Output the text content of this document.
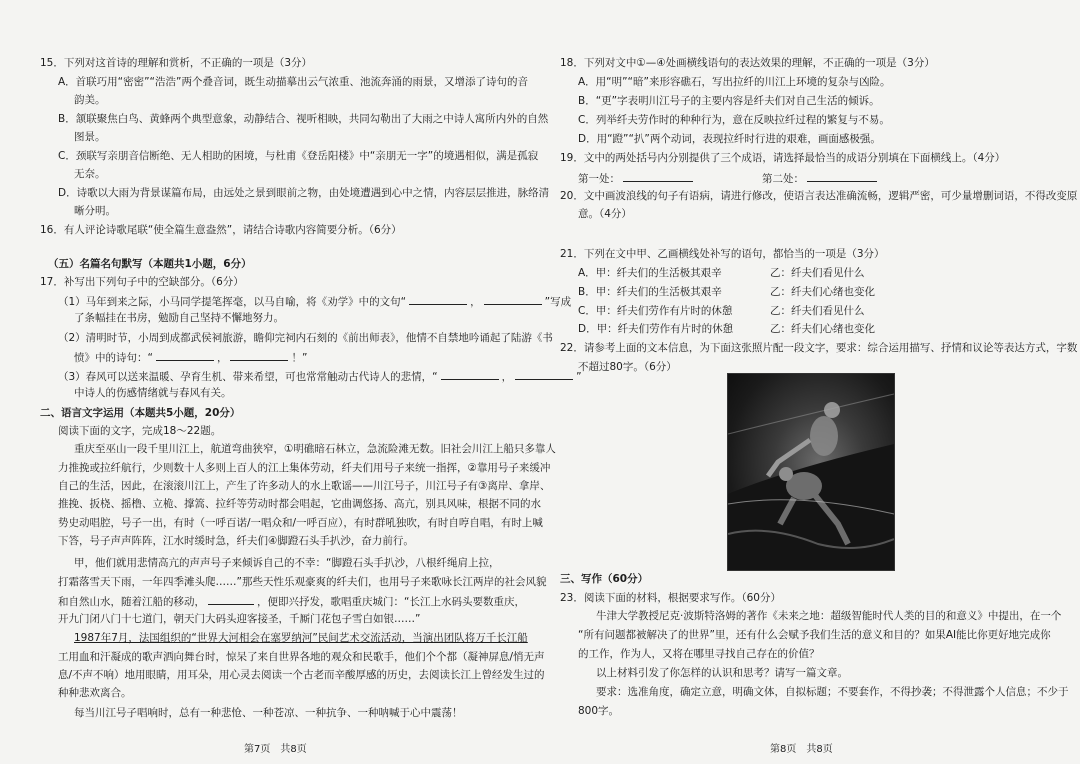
15．下列对这首诗的理解和赏析，不正确的一项是（3分）
A．首联巧用“密密”“浩浩”两个叠音词，既生动描摹出云气浓重、池流奔涌的雨景，又增添了诗句的音
韵美。
B．颔联聚焦白鸟、黄蜂两个典型意象，动静结合、视听相映，共同勾勒出了大雨之中诗人寓所内外的自然
图景。
C．颈联写亲朋音信断绝、无人相助的困境，与杜甫《登岳阳楼》中“亲朋无一字”的境遇相似，满是孤寂
无奈。
D．诗歌以大雨为背景谋篇布局，由远处之景到眼前之物，由处境遭遇到心中之情，内容层层推进，脉络清
晰分明。
16．有人评论诗歌尾联“使全篇生意盎然”，请结合诗歌内容简要分析。（6分）
（五）名篇名句默写（本题共1小题，6分）
17．补写出下列句子中的空缺部分。（6分）
（1）马年到来之际，小马同学提笔挥毫，以马自喻，将《劝学》中的文句“	，	”写成
了条幅挂在书房，勉励自己坚持不懈地努力。
（2）清明时节，小周到成都武侯祠旅游，瞻仰完祠内石刻的《前出师表》，他情不自禁地吟诵起了陆游《书
愤》中的诗句：“	，	！”
（3）春风可以送来温暖、孕育生机、带来希望，可也常常触动古代诗人的悲情，“	，	”
中诗人的伤感情绪就与春风有关。
二、语言文字运用（本题共5小题，20分）
阅读下面的文字，完成18～22题。
重庆至巫山一段千里川江上，航道弯曲狭窄，①明礁暗石林立，急流险滩无数。旧社会川江上船只多靠人
力推挽或拉纤航行，少则数十人多则上百人的江上集体劳动，纤夫们用号子来统一指挥，②靠用号子来缓冲
自己的生活，因此，在滚滚川江上，产生了许多动人的水上歌谣——川江号子，川江号子有③离岸、拿岸、
推挽、扳桡、摇橹、立桅、撑篙、拉纤等劳动时都会唱起，它曲调悠扬、高亢，别具风味，根据不同的水
势史动唱腔，号子一出，有时（一呼百诺/一唱众和/一呼百应），有时群吼独吹，有时自哼自唱，有时上喊
下答，号子声声阵阵，江水时缓时急，纤夫们④脚蹬石头手扒沙，奋力前行。
甲，他们就用悲情高亢的声声号子来倾诉自己的不幸：“脚蹬石头手扒沙，八根纤绳肩上拉，
打霜落雪天下雨，一年四季滩头爬……”那些天性乐观豪爽的纤夫们，也用号子来歌咏长江两岸的社会风貌
和自然山水，随着江船的移动，	，便即兴抒发，歌唱重庆城门：“长江上水码头要数重庆，
开九门闭八门十七道门，朝天门大码头迎客接圣，千厮门花包子雪白如银……”
1987年7月，法国组织的“世界大河相会在塞罗纳河”民间艺术交流活动，当演出团队将万千长江船
工用血和汗凝成的歌声洒向舞台时，惊呆了来自世界各地的观众和民歌手，他们个个都（凝神屏息/悄无声
息/不声不响）地用眼睛，用耳朵，用心灵去阅读一个古老而辛酸厚感的历史，去阅读长江上曾经发生过的
种种悲欢离合。
每当川江号子唱响时，总有一种悲怆、一种苍凉、一种抗争、一种呐喊于心中震荡！
第7页　共8页
18．下列对文中①—④处画横线语句的表达效果的理解，不正确的一项是（3分）
A．用“明”“暗”来形容礁石，写出拉纤的川江上环境的复杂与凶险。
B．“更”字表明川江号子的主要内容是纤夫们对自己生活的倾诉。
C．列举纤夫劳作时的种种行为，意在反映拉纤过程的繁复与不易。
D．用“蹬”“扒”两个动词，表现拉纤时行进的艰难，画面感极强。
19．文中的两处括号内分别提供了三个成语，请选择最恰当的成语分别填在下面横线上。（4分）
第一处：	第二处：
20．文中画波浪线的句子有语病，请进行修改，使语言表达准确流畅，逻辑严密，可少量增删词语，不得改变原
意。（4分）
21．下列在文中甲、乙画横线处补写的语句，都恰当的一项是（3分）
A．甲：纤夫们的生活极其艰辛	乙：纤夫们看见什么
B．甲：纤夫们的生活极其艰辛	乙：纤夫们心绪也变化
C．甲：纤夫们劳作有片时的休憩	乙：纤夫们看见什么
D．甲：纤夫们劳作有片时的休憩	乙：纤夫们心绪也变化
22．请参考上面的文本信息，为下面这张照片配一段文字，要求：综合运用描写、抒情和议论等表达方式，字数
不超过80字。（6分）
三、写作（60分）
23．阅读下面的材料，根据要求写作。（60分）
牛津大学教授尼克·波斯特洛姆的著作《未来之地：超级智能时代人类的目的和意义》中提出，在一个
“所有问题都被解决了的世界”里，还有什么会赋予我们生活的意义和目的？如果AI能比你更好地完成你
的工作，作为人，又将在哪里寻找自己存在的价值？
以上材料引发了你怎样的认识和思考？请写一篇文章。
要求：选准角度，确定立意，明确文体，自拟标题；不要套作，不得抄袭；不得泄露个人信息；不少于
800字。
第8页　共8页
